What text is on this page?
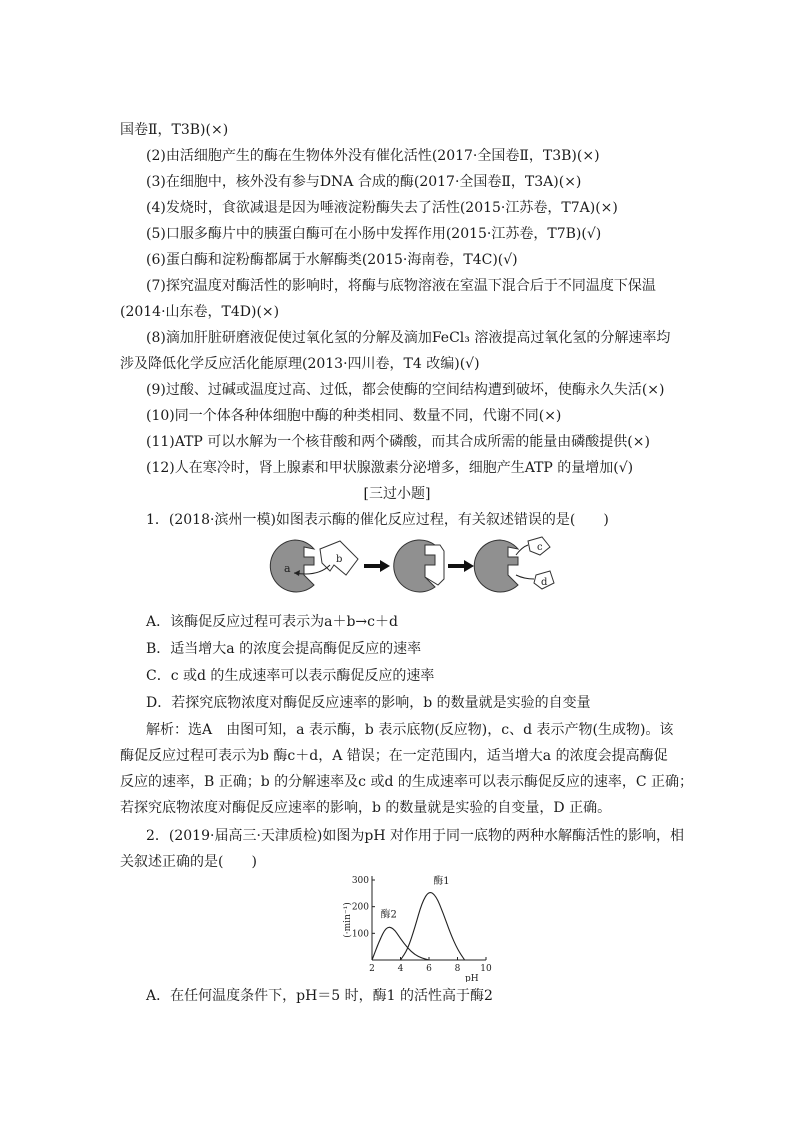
国卷Ⅱ，T3B)(×)
(2)由活细胞产生的酶在生物体外没有催化活性(2017·全国卷Ⅱ，T3B)(×)
(3)在细胞中，核外没有参与DNA 合成的酶(2017·全国卷Ⅱ，T3A)(×)
(4)发烧时，食欲减退是因为唾液淀粉酶失去了活性(2015·江苏卷，T7A)(×)
(5)口服多酶片中的胰蛋白酶可在小肠中发挥作用(2015·江苏卷，T7B)(√)
(6)蛋白酶和淀粉酶都属于水解酶类(2015·海南卷，T4C)(√)
(7)探究温度对酶活性的影响时，将酶与底物溶液在室温下混合后于不同温度下保温
(2014·山东卷，T4D)(×)
(8)滴加肝脏研磨液促使过氧化氢的分解及滴加FeCl₃ 溶液提高过氧化氢的分解速率均
涉及降低化学反应活化能原理(2013·四川卷，T4 改编)(√)
(9)过酸、过碱或温度过高、过低，都会使酶的空间结构遭到破坏，使酶永久失活(×)
(10)同一个体各种体细胞中酶的种类相同、数量不同，代谢不同(×)
(11)ATP 可以水解为一个核苷酸和两个磷酸，而其合成所需的能量由磷酸提供(×)
(12)人在寒冷时，肾上腺素和甲状腺激素分泌增多，细胞产生ATP 的量增加(√)
[三过小题]
1．(2018·滨州一模)如图表示酶的催化反应过程，有关叙述错误的是(　　)
a
b
c
d
A．该酶促反应过程可表示为a＋b→c＋d
B．适当增大a 的浓度会提高酶促反应的速率
C．c 或d 的生成速率可以表示酶促反应的速率
D．若探究底物浓度对酶促反应速率的影响，b 的数量就是实验的自变量
解析：选A　由图可知，a 表示酶，b 表示底物(反应物)，c、d 表示产物(生成物)。该
酶促反应过程可表示为b 酶c＋d，A 错误；在一定范围内，适当增大a 的浓度会提高酶促
反应的速率，B 正确；b 的分解速率及c 或d 的生成速率可以表示酶促反应的速率，C 正确；
若探究底物浓度对酶促反应速率的影响，b 的数量就是实验的自变量，D 正确。
2．(2019·届高三·天津质检)如图为pH 对作用于同一底物的两种水解酶活性的影响，相
关叙述正确的是(　　)
2	4	6	8 10
100
200
300	酶1
酶2
pH
(·min⁻¹)
A．在任何温度条件下，pH＝5 时，酶1 的活性高于酶2
